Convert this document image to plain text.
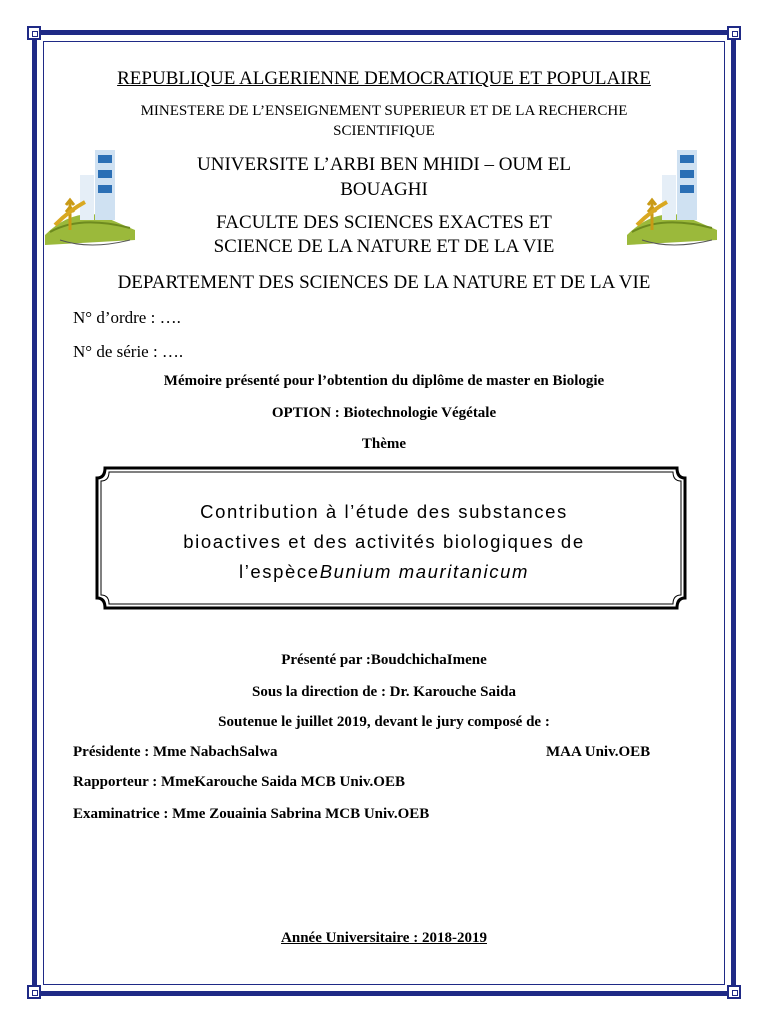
REPUBLIQUE ALGERIENNE DEMOCRATIQUE ET POPULAIRE
MINESTERE DE L’ENSEIGNEMENT SUPERIEUR ET DE LA RECHERCHE
SCIENTIFIQUE
UNIVERSITE L’ARBI BEN MHIDI – OUM EL
BOUAGHI
FACULTE DES SCIENCES EXACTES ET
SCIENCE DE LA NATURE ET DE LA VIE
DEPARTEMENT DES SCIENCES DE LA NATURE ET DE LA VIE
N° d’ordre : ….
N° de série : ….
Mémoire présenté pour l’obtention du diplôme de master en Biologie
OPTION : Biotechnologie Végétale
Thème
Contribution à l’étude des substances
bioactives et des activités biologiques de
l’espèceBunium mauritanicum
Présenté par :BoudchichaImene
Sous la direction de : Dr. Karouche Saida
Soutenue le juillet 2019, devant le jury composé de :
Présidente : Mme NabachSalwa	MAA Univ.OEB
Rapporteur : MmeKarouche Saida MCB Univ.OEB
Examinatrice : Mme Zouainia Sabrina MCB Univ.OEB
Année Universitaire : 2018-2019
